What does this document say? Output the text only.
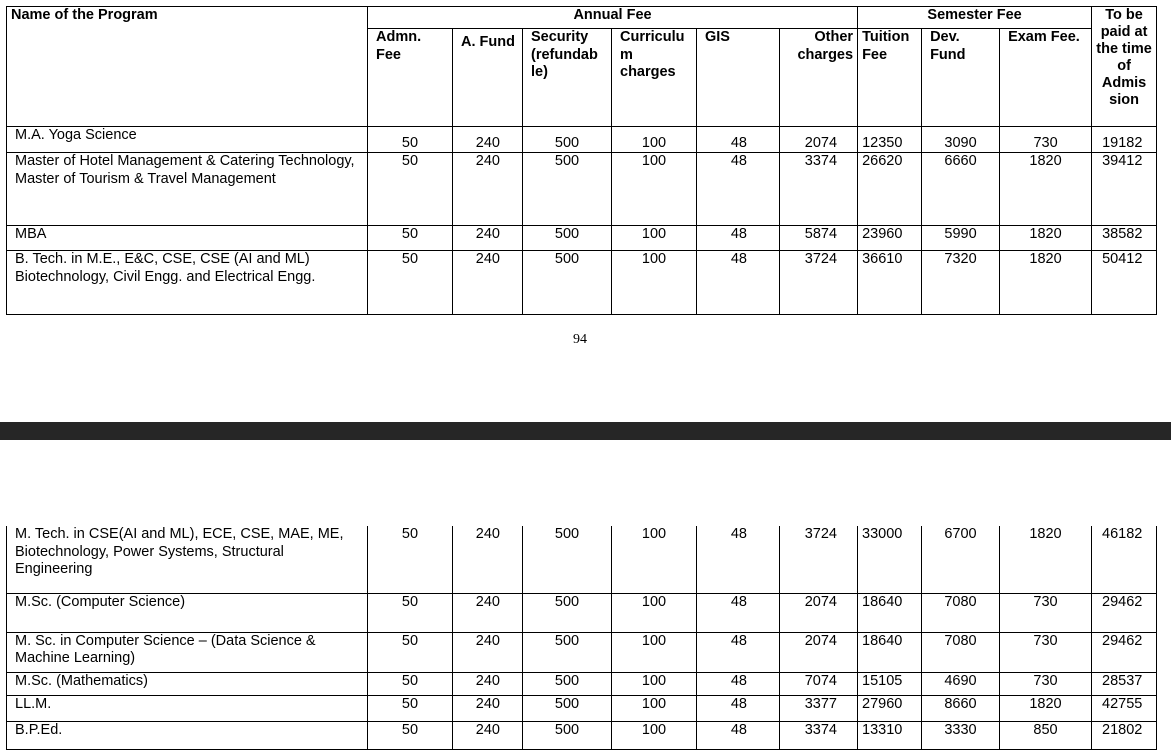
Name of the Program	Annual Fee						Semester Fee			To be paid at the time of Admis sion
	Admn. Fee	A. Fund	Security (refundab le)	Curriculu m charges	GIS	Other charges	Tuition Fee	Dev. Fund	Exam Fee.	
M.A. Yoga Science	50	240	500	100	48	2074	12350	3090	730	19182
Master of Hotel Management & Catering Technology, Master of Tourism & Travel Management	50	240	500	100	48	3374	26620	6660	1820	39412
MBA	50	240	500	100	48	5874	23960	5990	1820	38582
B. Tech. in M.E., E&C, CSE, CSE (AI and ML) Biotechnology, Civil Engg. and Electrical Engg.	50	240	500	100	48	3724	36610	7320	1820	50412
94
M. Tech. in CSE(AI and ML), ECE, CSE, MAE, ME, Biotechnology, Power Systems, Structural Engineering	50	240	500	100	48	3724	33000	6700	1820	46182
M.Sc. (Computer Science)	50	240	500	100	48	2074	18640	7080	730	29462
M. Sc. in Computer Science – (Data Science & Machine Learning)	50	240	500	100	48	2074	18640	7080	730	29462
M.Sc. (Mathematics)	50	240	500	100	48	7074	15105	4690	730	28537
LL.M.	50	240	500	100	48	3377	27960	8660	1820	42755
B.P.Ed.	50	240	500	100	48	3374	13310	3330	850	21802
